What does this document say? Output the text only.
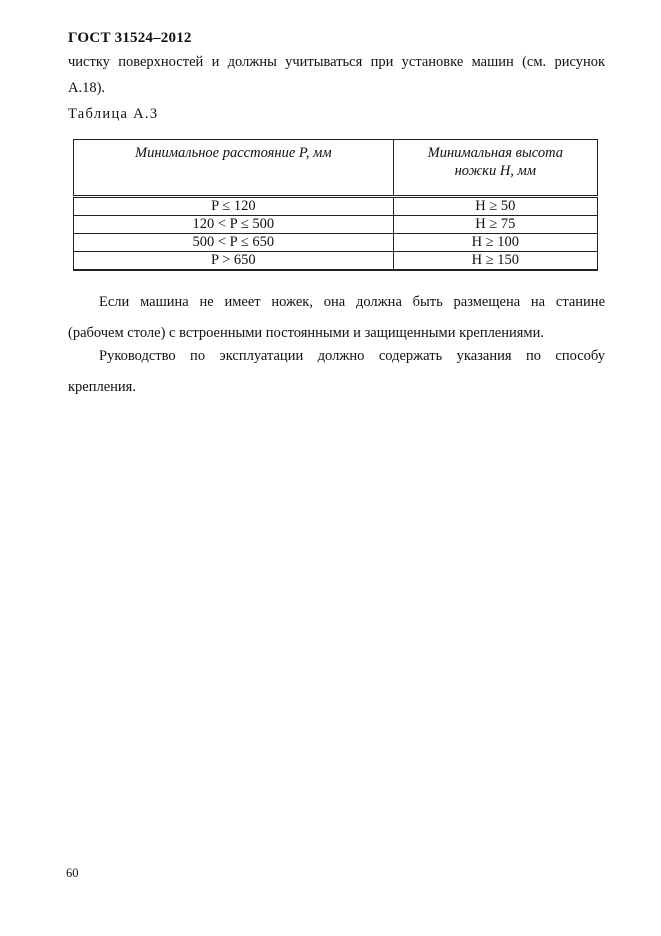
ГОСТ 31524–2012
чистку поверхностей и должны учитываться при установке машин (см. рисунок
А.18).
Таблица А.3
Минимальное расстояние P, мм	Минимальная высота
ножки H, мм
P ≤ 120	H ≥ 50
120 < P ≤ 500	H ≥ 75
500 < P ≤ 650	H ≥ 100
P > 650	H ≥ 150
Если машина не имеет ножек, она должна быть размещена на станине
(рабочем столе) с встроенными постоянными и защищенными креплениями.
Руководство по эксплуатации должно содержать указания по способу
крепления.
60
